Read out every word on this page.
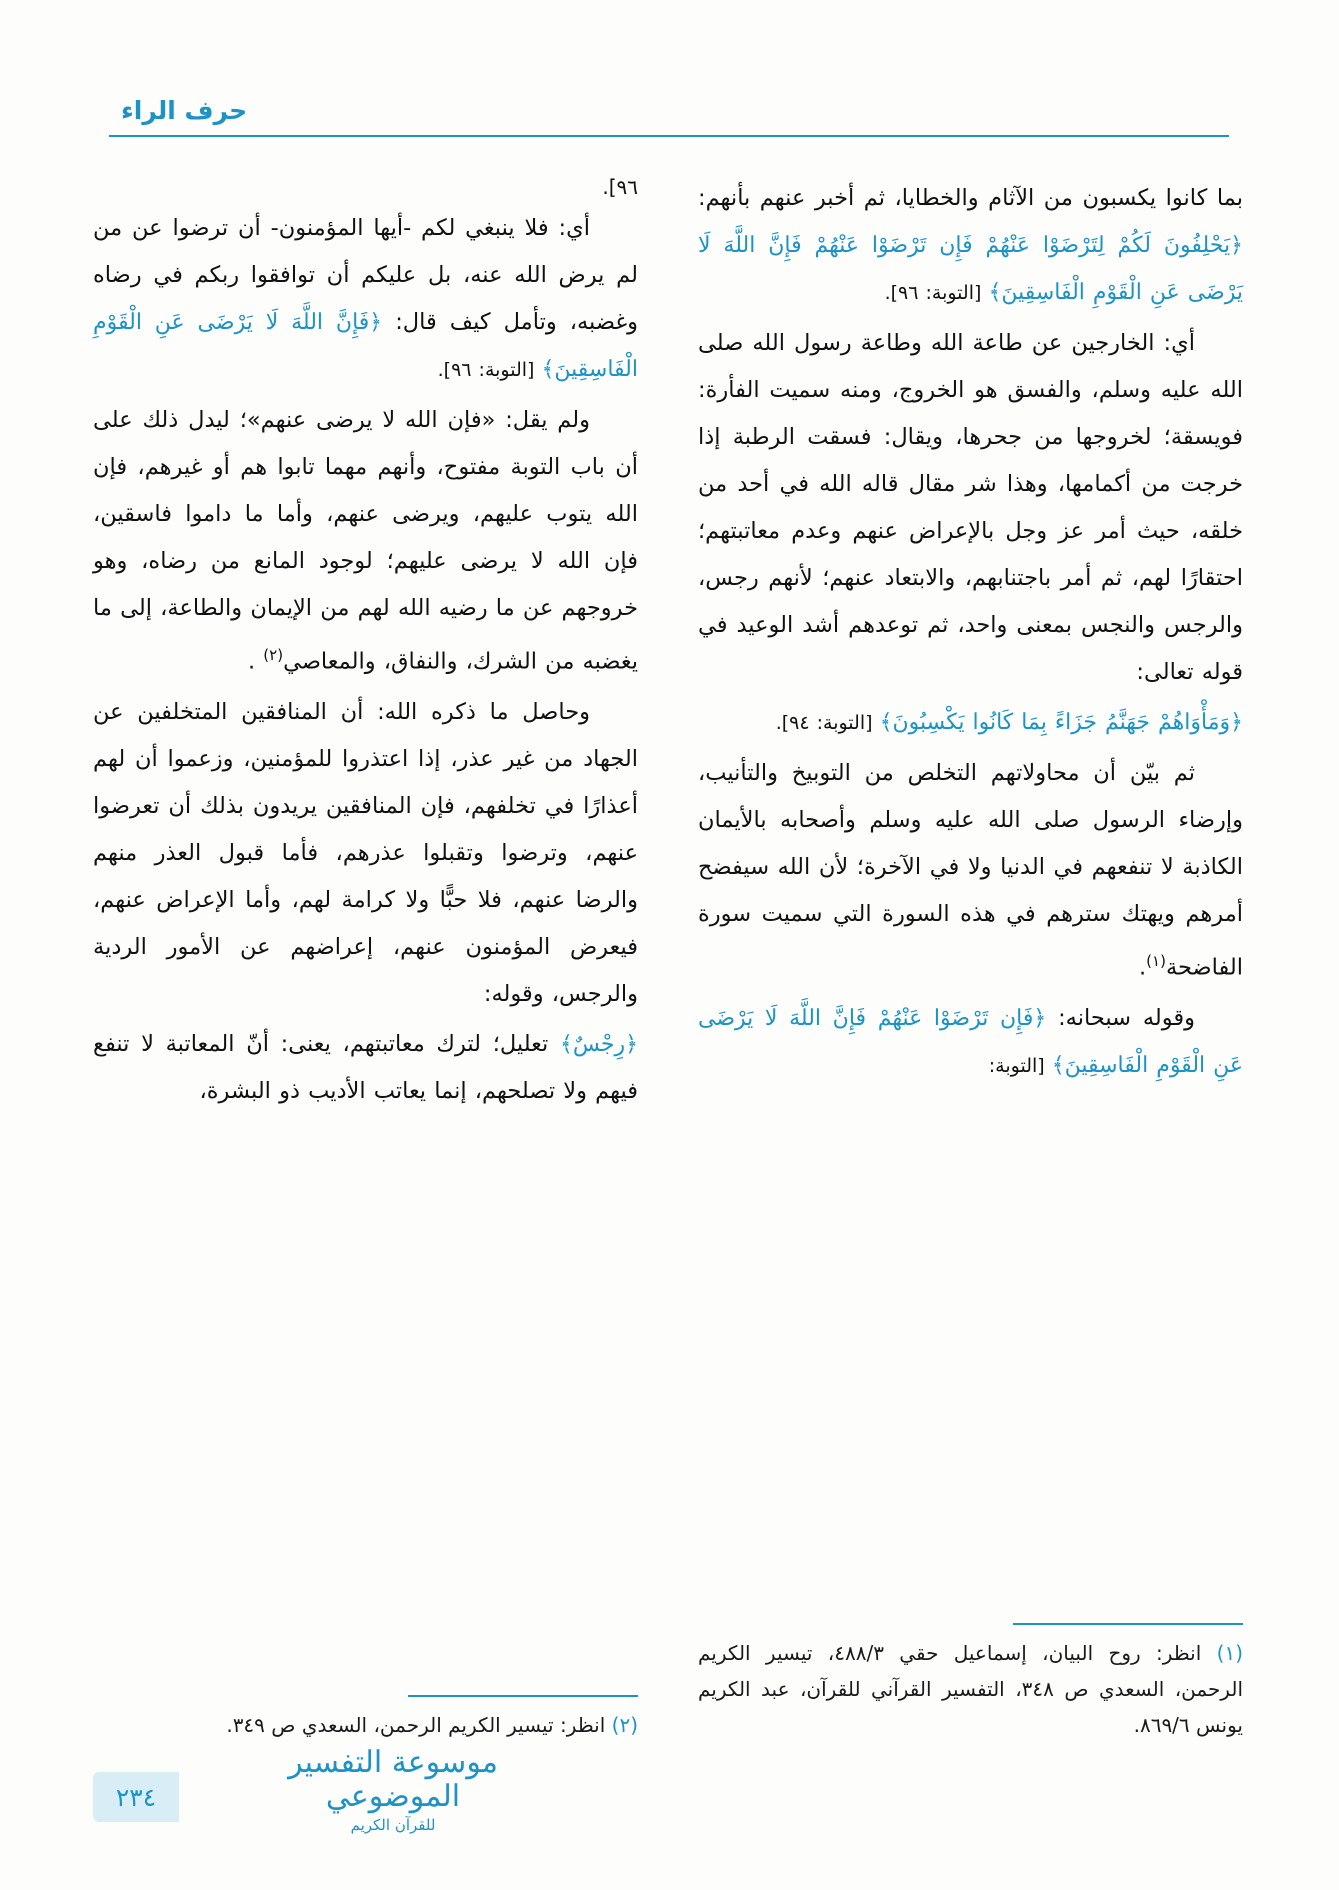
حرف الراء

بما كانوا يكسبون من الآثام والخطايا، ثم أخبر عنهم بأنهم: ﴿يَحْلِفُونَ لَكُمْ لِتَرْضَوْا عَنْهُمْ فَإِن تَرْضَوْا عَنْهُمْ فَإِنَّ اللَّهَ لَا يَرْضَى عَنِ الْقَوْمِ الْفَاسِقِينَ﴾ [التوبة: ٩٦].

أي: الخارجين عن طاعة الله وطاعة رسول الله صلى الله عليه وسلم، والفسق هو الخروج، ومنه سميت الفأرة: فويسقة؛ لخروجها من جحرها، ويقال: فسقت الرطبة إذا خرجت من أكمامها، وهذا شر مقال قاله الله في أحد من خلقه، حيث أمر عز وجل بالإعراض عنهم وعدم معاتبتهم؛ احتقارًا لهم، ثم أمر باجتنابهم، والابتعاد عنهم؛ لأنهم رجس، والرجس والنجس بمعنى واحد، ثم توعدهم أشد الوعيد في قوله تعالى:

﴿وَمَأْوَاهُمْ جَهَنَّمُ جَزَاءً بِمَا كَانُوا يَكْسِبُونَ﴾ [التوبة: ٩٤].

ثم بيّن أن محاولاتهم التخلص من التوبيخ والتأنيب، وإرضاء الرسول صلى الله عليه وسلم وأصحابه بالأيمان الكاذبة لا تنفعهم في الدنيا ولا في الآخرة؛ لأن الله سيفضح أمرهم ويهتك سترهم في هذه السورة التي سميت سورة الفاضحة$^{(١)}$.

وقوله سبحانه: ﴿فَإِن تَرْضَوْا عَنْهُمْ فَإِنَّ اللَّهَ لَا يَرْضَى عَنِ الْقَوْمِ الْفَاسِقِينَ﴾ [التوبة:

(١) انظر: روح البيان، إسماعيل حقي ٤٨٨/٣، تيسير الكريم الرحمن، السعدي ص ٣٤٨، التفسير القرآني للقرآن، عبد الكريم يونس ٨٦٩/٦.
٩٦].

أي: فلا ينبغي لكم -أيها المؤمنون- أن ترضوا عن من لم يرض الله عنه، بل عليكم أن توافقوا ربكم في رضاه وغضبه، وتأمل كيف قال: ﴿فَإِنَّ اللَّهَ لَا يَرْضَى عَنِ الْقَوْمِ الْفَاسِقِينَ﴾ [التوبة: ٩٦].

ولم يقل: «فإن الله لا يرضى عنهم»؛ ليدل ذلك على أن باب التوبة مفتوح، وأنهم مهما تابوا هم أو غيرهم، فإن الله يتوب عليهم، ويرضى عنهم، وأما ما داموا فاسقين، فإن الله لا يرضى عليهم؛ لوجود المانع من رضاه، وهو خروجهم عن ما رضيه الله لهم من الإيمان والطاعة، إلى ما يغضبه من الشرك، والنفاق، والمعاصي$^{(٢)}$ .

وحاصل ما ذكره الله: أن المنافقين المتخلفين عن الجهاد من غير عذر، إذا اعتذروا للمؤمنين، وزعموا أن لهم أعذارًا في تخلفهم، فإن المنافقين يريدون بذلك أن تعرضوا عنهم، وترضوا وتقبلوا عذرهم، فأما قبول العذر منهم والرضا عنهم، فلا حبًّا ولا كرامة لهم، وأما الإعراض عنهم، فيعرض المؤمنون عنهم، إعراضهم عن الأمور الردية والرجس، وقوله:

﴿رِجْسٌ﴾ تعليل؛ لترك معاتبتهم، يعنى: أنّ المعاتبة لا تنفع فيهم ولا تصلحهم، إنما يعاتب الأديب ذو البشرة،

(٢) انظر: تيسير الكريم الرحمن، السعدي ص ٣٤٩.
٢٣٤
موسوعة التفسير الموضوعي
للقرآن الكريم
